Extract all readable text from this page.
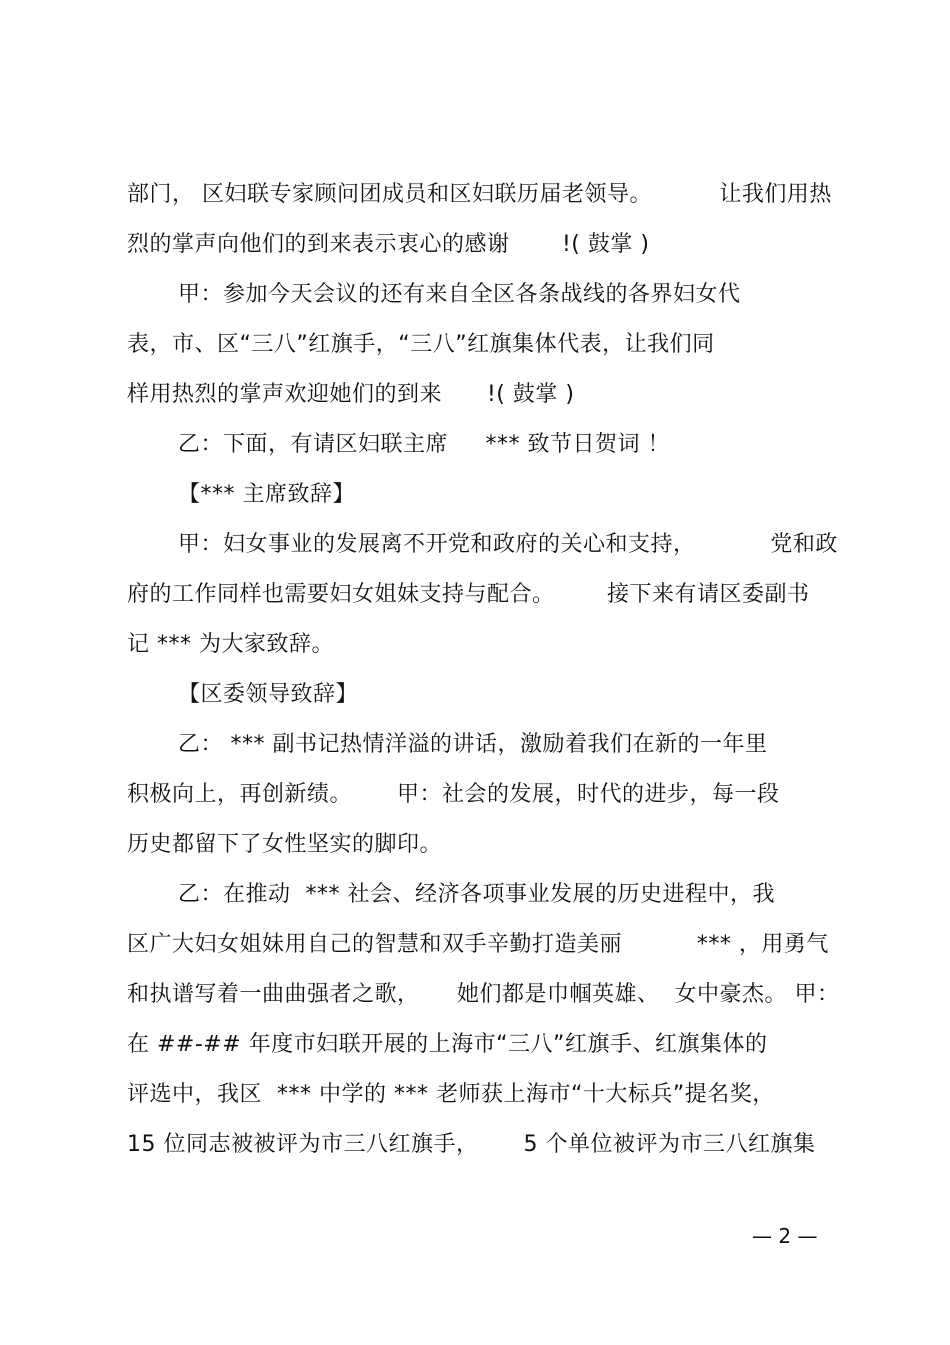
部门， 区妇联专家顾问团成员和区妇联历届老领导。         让我们用热
烈的掌声向他们的到来表示衷心的感谢       !( 鼓掌 )
甲：参加今天会议的还有来自全区各条战线的各界妇女代
表，市、区“三八”红旗手，“三八”红旗集体代表，让我们同
样用热烈的掌声欢迎她们的到来      !( 鼓掌 )
乙：下面，有请区妇联主席     *** 致节日贺词 ！
【*** 主席致辞】
甲：妇女事业的发展离不开党和政府的关心和支持，          党和政
府的工作同样也需要妇女姐妹支持与配合。       接下来有请区委副书
记 *** 为大家致辞。
【区委领导致辞】
乙： *** 副书记热情洋溢的讲话，激励着我们在新的一年里
积极向上，再创新绩。      甲：社会的发展，时代的进步，每一段
历史都留下了女性坚实的脚印。
乙：在推动  *** 社会、经济各项事业发展的历史进程中，我
区广大妇女姐妹用自己的智慧和双手辛勤打造美丽          *** ，用勇气
和执谱写着一曲曲强者之歌，     她们都是巾帼英雄、  女中豪杰。 甲：
在 ##-## 年度市妇联开展的上海市“三八”红旗手、红旗集体的
评选中，我区  *** 中学的 *** 老师获上海市“十大标兵”提名奖，
15 位同志被被评为市三八红旗手，      5 个单位被评为市三八红旗集
— 2 —
